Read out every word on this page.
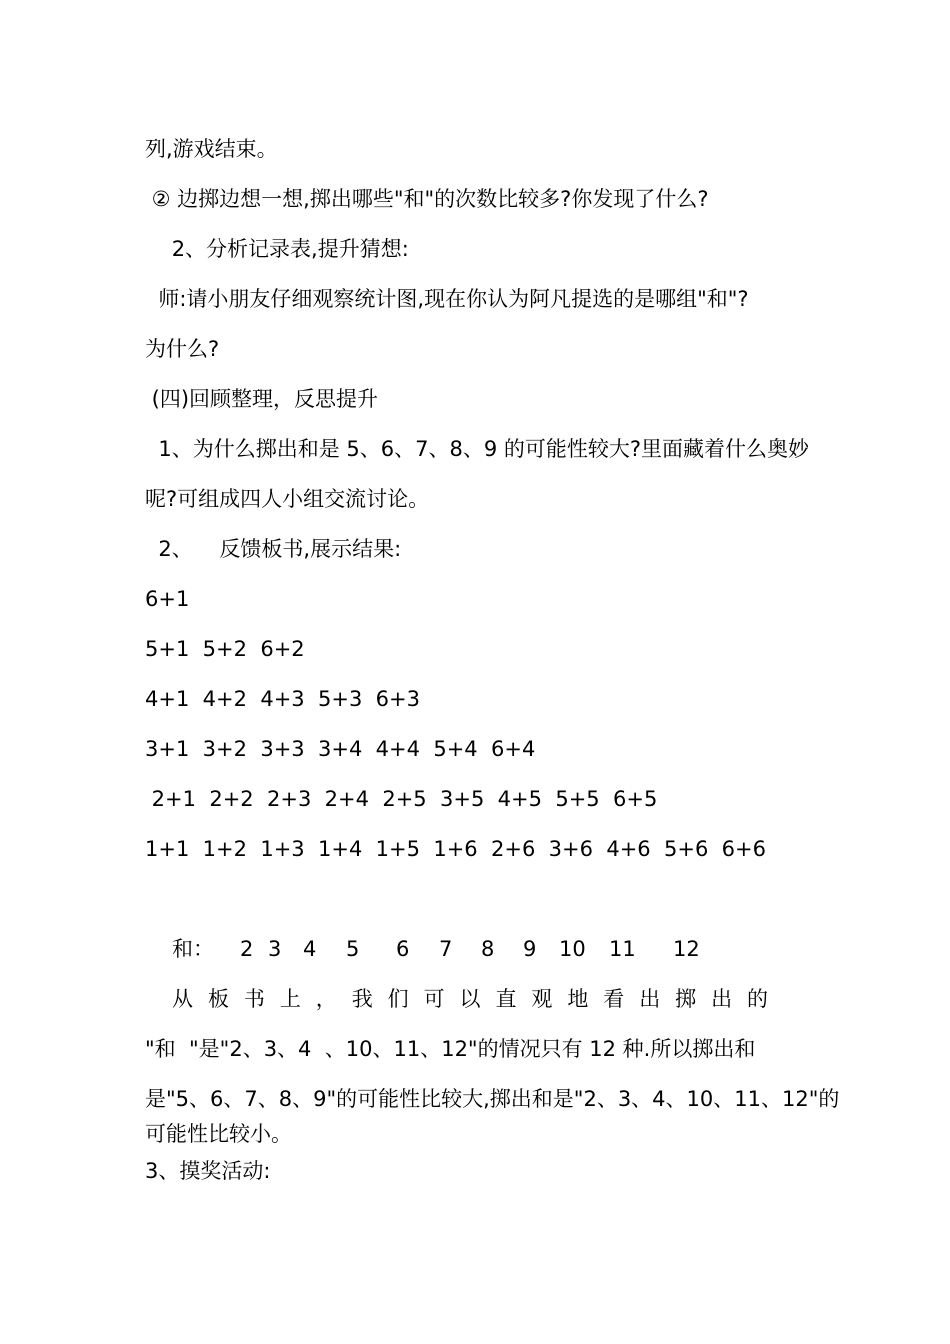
列,游戏结束。
② 边掷边想一想,掷出哪些"和"的次数比较多?你发现了什么?
2、分析记录表,提升猜想:
师:请小朋友仔细观察统计图,现在你认为阿凡提选的是哪组"和"?
为什么?
(四)回顾整理，反思提升
1、为什么掷出和是 5、6、7、8、9 的可能性较大?里面藏着什么奥妙
呢?可组成四人小组交流讨论。
2、    反馈板书,展示结果:
6+1
5+1  5+2  6+2
4+1  4+2  4+3  5+3  6+3
3+1  3+2  3+3  3+4  4+4  5+4  6+4
2+1  2+2  2+3  2+4  2+5  3+5  4+5  5+5  6+5
1+1  1+2  1+3  1+4  1+5  1+6  2+6  3+6  4+6  5+6  6+6
和： 2 3 4 5 6 7 8 9 10 11 12
从 板 书 上 ， 我 们 可 以 直 观 地 看 出 掷 出 的
"和  "是"2、3、4  、10、11、12"的情况只有 12 种.所以掷出和
是"5、6、7、8、9"的可能性比较大,掷出和是"2、3、4、10、11、12"的
可能性比较小。
3、摸奖活动:
